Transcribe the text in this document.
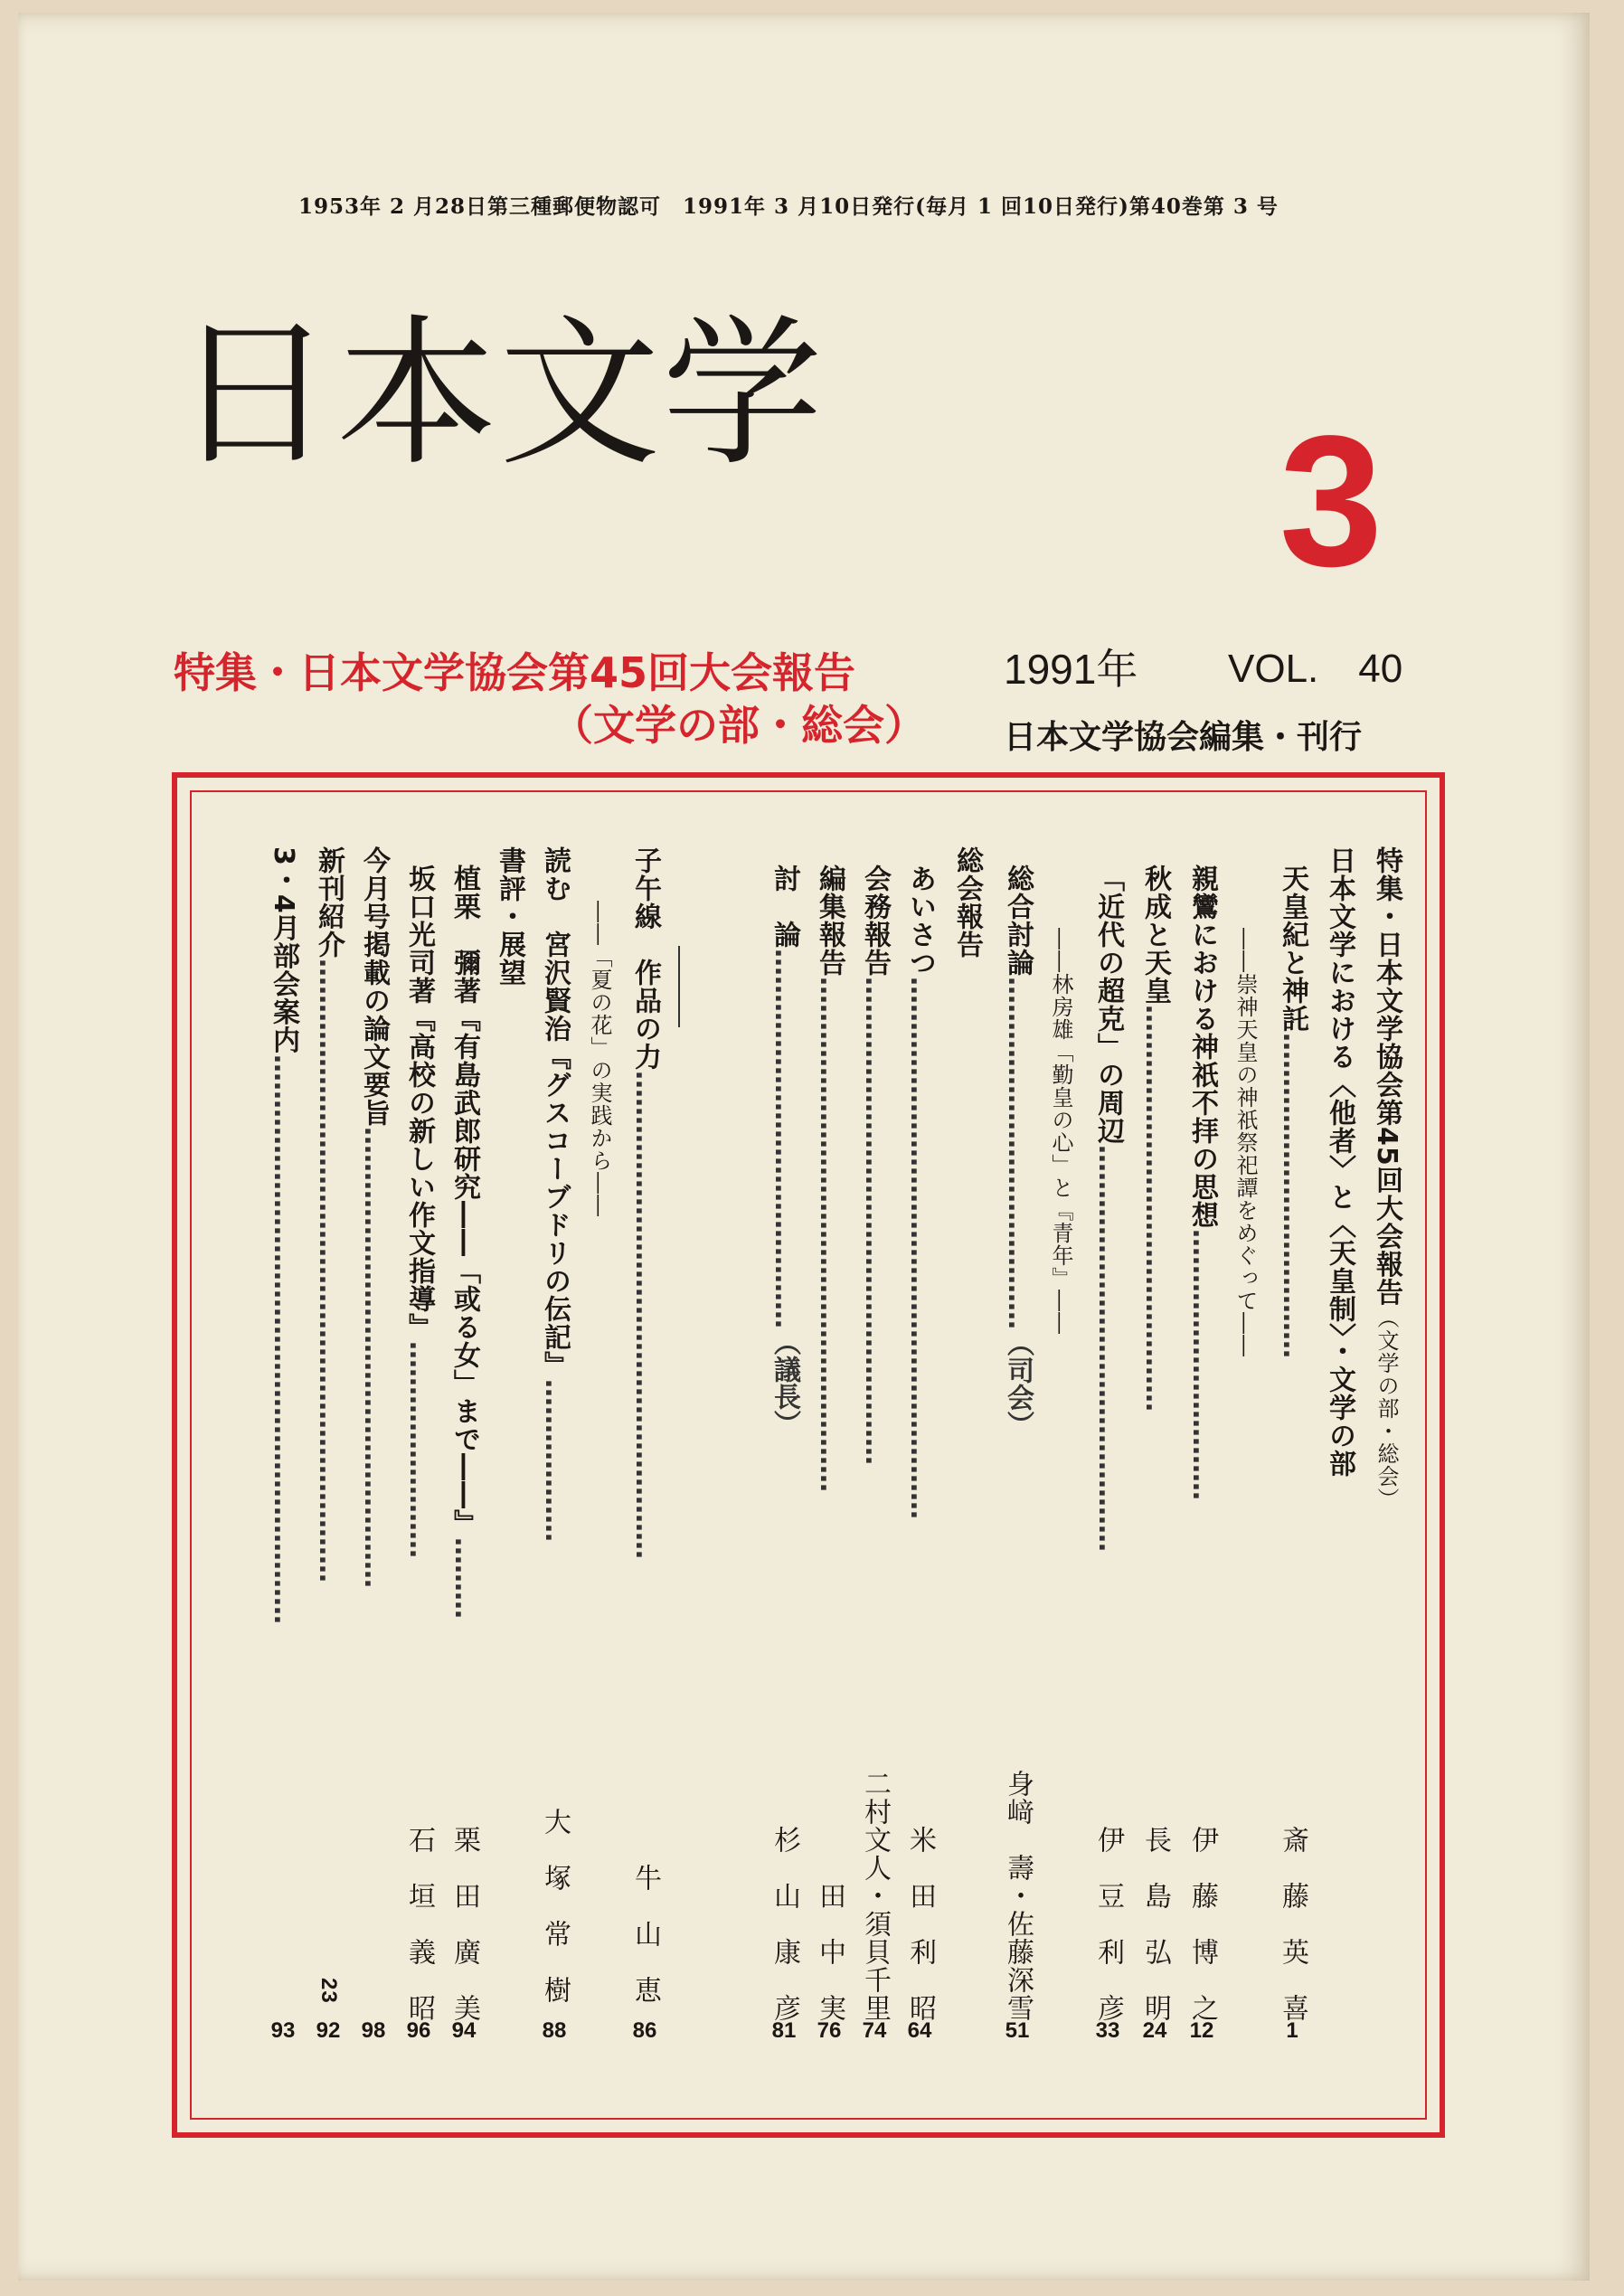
1953年 2 月28日第三種郵便物認可　1991年 3 月10日発行(毎月 1 回10日発行)第40巻第 3 号
日本文学
3
特集・日本文学協会第45回大会報告
（文学の部・総会）
1991年	VOL.　40
日本文学協会編集・刊行
特集・日本文学協会第45回大会報告
（文学の部・総会）
日本文学における〈他者〉と〈天皇制〉・文学の部
天皇紀と神託
………………………………
斎　藤　英　喜
――崇神天皇の神祇祭祀譚をめぐって――
親鸞における神祇不拝の思想
…………………………
伊　藤　博　之
秋成と天皇
………………………………………
長　島　弘　明
「近代の超克」の周辺
………………………………………
伊　豆　利　彦
――林房雄「勤皇の心」と『青年』――
総合討論
…………………………………（司会）
身﨑　壽・佐藤深雪
総会報告
あいさつ
……………………………………………………
米　田　利　昭
会務報告
………………………………………………
二村文人・須貝千里
編集報告
…………………………………………………
田　中　実
討　論
……………………………………（議長）
杉　山　康　彦
子午線　作品の力
………………………………………………
牛　山　恵
――「夏の花」の実践から――
読む　宮沢賢治『グスコーブドリの伝記』
………………
大　塚　常　樹
書評・展望
植栗　彌著『有島武郎研究――「或る女」まで――』
………
栗　田　廣　美
坂口光司著『高校の新しい作文指導』
……………………
石　垣　義　昭
今月号掲載の論文要旨
……………………………………………
新刊紹介
……………………………………………………………
23
3・4月部会案内
………………………………………………………
1
12
24
33
51
64
74
76
81
86
88
94
96
98
92
93
